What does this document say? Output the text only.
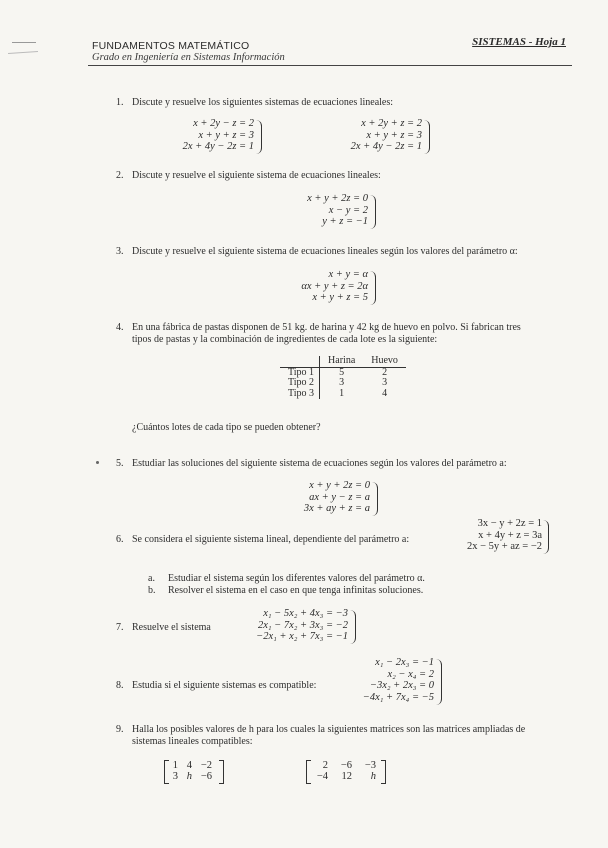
FUNDAMENTOS MATEMÁTICO
Grado en Ingeniería en Sistemas Información
SISTEMAS - Hoja 1
1. Discute y resuelve los siguientes sistemas de ecuaciones lineales:
x + 2y − z = 2
x + y + z = 3
2x + 4y − 2z = 1
x + 2y + z = 2
x + y + z = 3
2x + 4y − 2z = 1
2. Discute y resuelve el siguiente sistema de ecuaciones lineales:
x + y + 2z = 0
x − y = 2
y + z = −1
3. Discute y resuelve el siguiente sistema de ecuaciones lineales según los valores del parámetro α:
x + y = α
αx + y + z = 2α
x + y + z = 5
4. En una fábrica de pastas disponen de 51 kg. de harina y 42 kg de huevo en polvo. Si fabrican tres
tipos de pastas y la combinación de ingredientes de cada lote es la siguiente:
	Harina	Huevo
Tipo 1	5	2
Tipo 2	3	3
Tipo 3	1	4
¿Cuántos lotes de cada tipo se pueden obtener?
5. Estudiar las soluciones del siguiente sistema de ecuaciones según los valores del parámetro a:
x + y + 2z = 0
ax + y − z = a
3x + ay + z = a
6. Se considera el siguiente sistema lineal, dependiente del parámetro a:
3x − y + 2z = 1
x + 4y + z = 3a
2x − 5y + az = −2
a. Estudiar el sistema según los diferentes valores del parámetro α.
b. Resolver el sistema en el caso en que tenga infinitas soluciones.
7. Resuelve el sistema
x₁ − 5x₂ + 4x₃ = −3
2x₁ − 7x₂ + 3x₃ = −2
−2x₁ + x₂ + 7x₃ = −1
8. Estudia si el siguiente sistemas es compatible:
x₁ − 2x₃ = −1
x₂ − x₄ = 2
−3x₂ + 2x₃ = 0
−4x₁ + 7x₄ = −5
9. Halla los posibles valores de h para los cuales la siguientes matrices son las matrices ampliadas de
sistemas lineales compatibles:
1 4 −2
3 h −6
2	−6	−3
−4	12	h
